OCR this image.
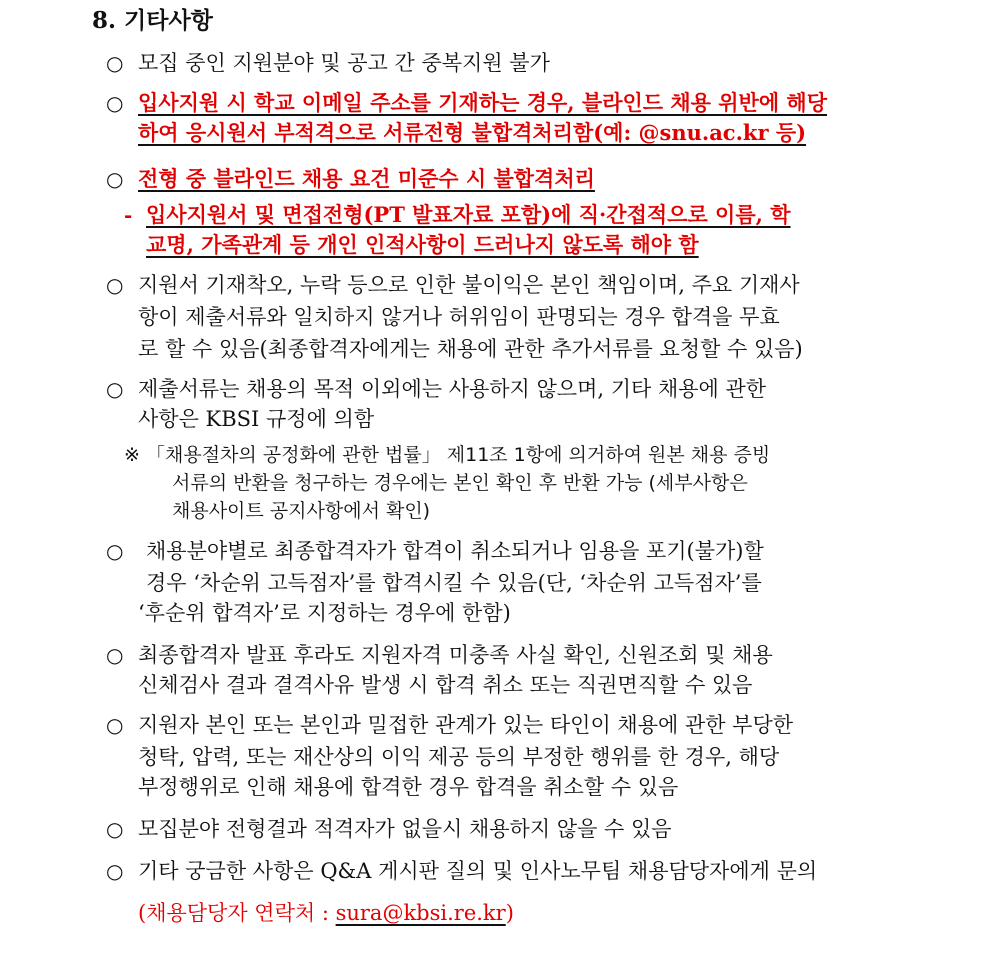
8. 기타사항
○ 모집 중인 지원분야 및 공고 간 중복지원 불가
○ 입사지원 시 학교 이메일 주소를 기재하는 경우, 블라인드 채용 위반에 해당
하여 응시원서 부적격으로 서류전형 불합격처리함(예: @snu.ac.kr 등)
○ 전형 중 블라인드 채용 요건 미준수 시 불합격처리
- 입사지원서 및 면접전형(PT 발표자료 포함)에 직·간접적으로 이름, 학
교명, 가족관계 등 개인 인적사항이 드러나지 않도록 해야 함
○ 지원서 기재착오, 누락 등으로 인한 불이익은 본인 책임이며, 주요 기재사
항이 제출서류와 일치하지 않거나 허위임이 판명되는 경우 합격을 무효
로 할 수 있음(최종합격자에게는 채용에 관한 추가서류를 요청할 수 있음)
○ 제출서류는 채용의 목적 이외에는 사용하지 않으며, 기타 채용에 관한
사항은 KBSI 규정에 의함
※ 「채용절차의 공정화에 관한 법률」 제11조 1항에 의거하여 원본 채용 증빙
서류의 반환을 청구하는 경우에는 본인 확인 후 반환 가능 (세부사항은
채용사이트 공지사항에서 확인)
○ 채용분야별로 최종합격자가 합격이 취소되거나 임용을 포기(불가)할
경우 ‘차순위 고득점자’를 합격시킬 수 있음(단, ‘차순위 고득점자’를
‘후순위 합격자’로 지정하는 경우에 한함)
○ 최종합격자 발표 후라도 지원자격 미충족 사실 확인, 신원조회 및 채용
신체검사 결과 결격사유 발생 시 합격 취소 또는 직권면직할 수 있음
○ 지원자 본인 또는 본인과 밀접한 관계가 있는 타인이 채용에 관한 부당한
청탁, 압력, 또는 재산상의 이익 제공 등의 부정한 행위를 한 경우, 해당
부정행위로 인해 채용에 합격한 경우 합격을 취소할 수 있음
○ 모집분야 전형결과 적격자가 없을시 채용하지 않을 수 있음
○ 기타 궁금한 사항은 Q&A 게시판 질의 및 인사노무팀 채용담당자에게 문의
(채용담당자 연락처 : sura@kbsi.re.kr)
